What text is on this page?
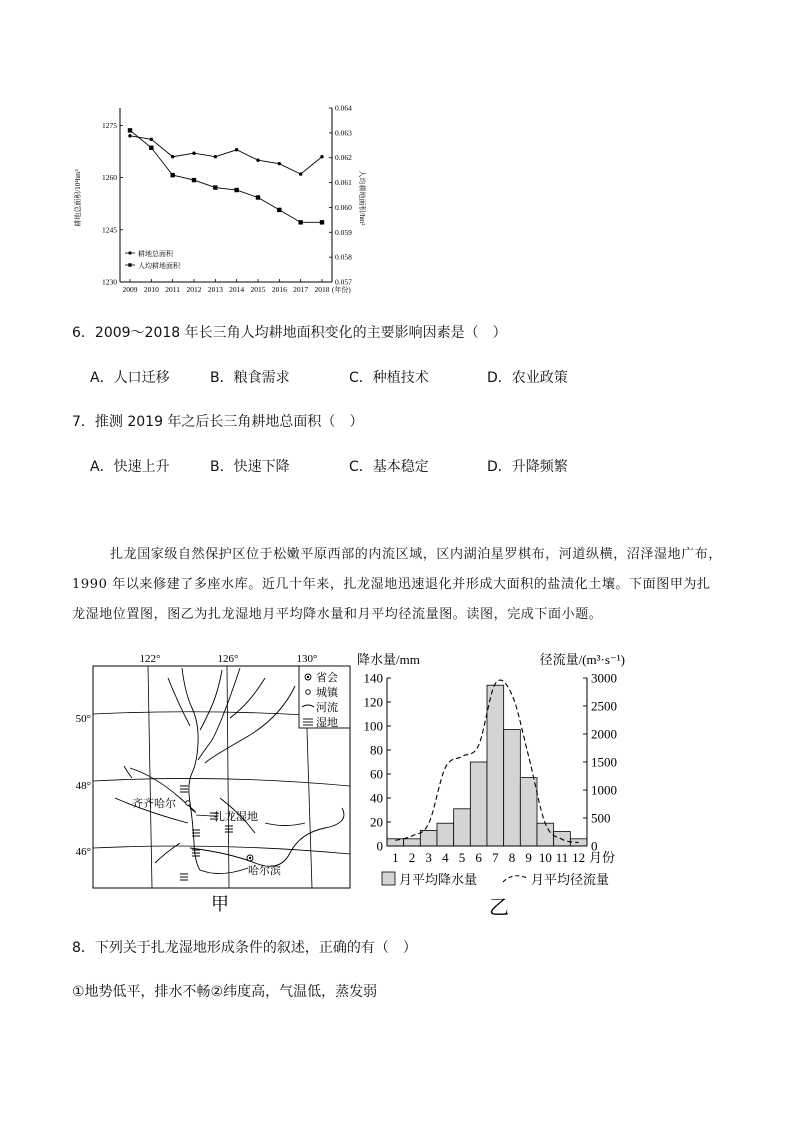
1230
1245
1260
1275
0.057
0.058
0.059
0.060
0.061
0.062
0.063
0.064
2009 2010 2011 2012 2013 2014 2015 2016 2017 2018
耕地总面积/10⁴hm²	人均耕地面积/hm²
(年份)
耕地总面积
人均耕地面积
6．2009～2018 年长三角人均耕地面积变化的主要影响因素是（　）
A．人口迁移	B．粮食需求	C．种植技术	D．农业政策
7．推测 2019 年之后长三角耕地总面积（　）
A．快速上升	B．快速下降	C．基本稳定	D．升降频繁
扎龙国家级自然保护区位于松嫩平原西部的内流区域，区内湖泊星罗棋布，河道纵横，沼泽湿地广布，
1990 年以来修建了多座水库。近几十年来，扎龙湿地迅速退化并形成大面积的盐渍化土壤。下面图甲为扎
龙湿地位置图，图乙为扎龙湿地月平均降水量和月平均径流量图。读图，完成下面小题。
122°	126°	130°
50°
48°
46°
齐齐哈尔
扎龙湿地
哈尔滨
省会
城镇
河流
湿地
甲
降水量/mm	径流量/(m³·s⁻¹)
0
20
40
60
80
100
120
140
0
500
1000
1500
2000
2500
3000
1 2 3 4 5 6 7 8 9 10 11 12 月份
月平均降水量	月平均径流量
乙
8．下列关于扎龙湿地形成条件的叙述，正确的有（　）
①地势低平，排水不畅②纬度高，气温低，蒸发弱
